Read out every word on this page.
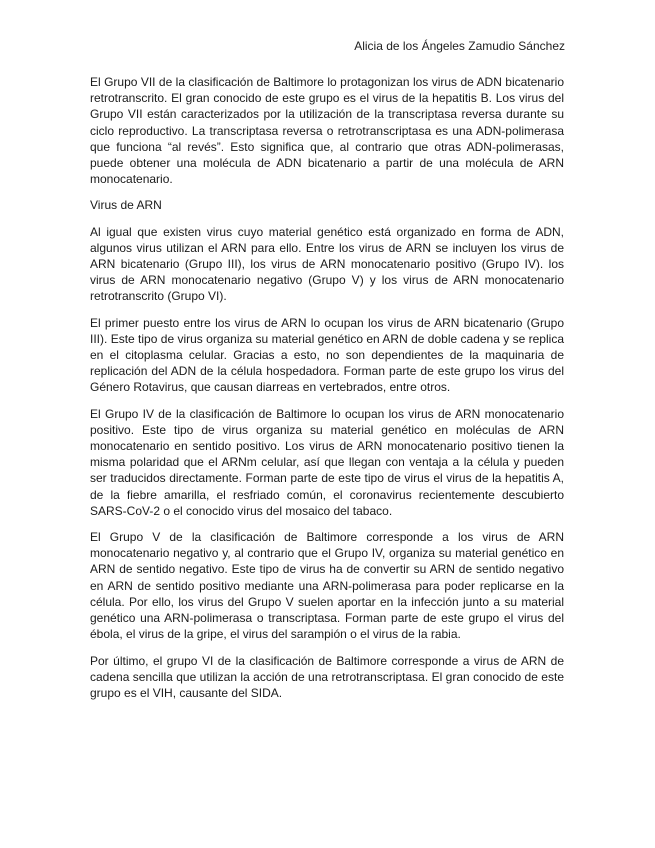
Alicia de los Ángeles Zamudio Sánchez

El Grupo VII de la clasificación de Baltimore lo protagonizan los virus de ADN bicatenario retrotranscrito. El gran conocido de este grupo es el virus de la hepatitis B. Los virus del Grupo VII están caracterizados por la utilización de la transcriptasa reversa durante su ciclo reproductivo. La transcriptasa reversa o retrotranscriptasa es una ADN-polimerasa que funciona “al revés”. Esto significa que, al contrario que otras ADN-polimerasas, puede obtener una molécula de ADN bicatenario a partir de una molécula de ARN monocatenario.

Virus de ARN

Al igual que existen virus cuyo material genético está organizado en forma de ADN, algunos virus utilizan el ARN para ello. Entre los virus de ARN se incluyen los virus de ARN bicatenario (Grupo III), los virus de ARN monocatenario positivo (Grupo IV). los virus de ARN monocatenario negativo (Grupo V) y los virus de ARN monocatenario retrotranscrito (Grupo VI).

El primer puesto entre los virus de ARN lo ocupan los virus de ARN bicatenario (Grupo III). Este tipo de virus organiza su material genético en ARN de doble cadena y se replica en el citoplasma celular. Gracias a esto, no son dependientes de la maquinaria de replicación del ADN de la célula hospedadora. Forman parte de este grupo los virus del Género Rotavirus, que causan diarreas en vertebrados, entre otros.

El Grupo IV de la clasificación de Baltimore lo ocupan los virus de ARN monocatenario positivo. Este tipo de virus organiza su material genético en moléculas de ARN monocatenario en sentido positivo. Los virus de ARN monocatenario positivo tienen la misma polaridad que el ARNm celular, así que llegan con ventaja a la célula y pueden ser traducidos directamente. Forman parte de este tipo de virus el virus de la hepatitis A, de la fiebre amarilla, el resfriado común, el coronavirus recientemente descubierto SARS-CoV-2 o el conocido virus del mosaico del tabaco.

El Grupo V de la clasificación de Baltimore corresponde a los virus de ARN monocatenario negativo y, al contrario que el Grupo IV, organiza su material genético en ARN de sentido negativo. Este tipo de virus ha de convertir su ARN de sentido negativo en ARN de sentido positivo mediante una ARN-polimerasa para poder replicarse en la célula. Por ello, los virus del Grupo V suelen aportar en la infección junto a su material genético una ARN-polimerasa o transcriptasa. Forman parte de este grupo el virus del ébola, el virus de la gripe, el virus del sarampión o el virus de la rabia.

Por último, el grupo VI de la clasificación de Baltimore corresponde a virus de ARN de cadena sencilla que utilizan la acción de una retrotranscriptasa. El gran conocido de este grupo es el VIH, causante del SIDA.
